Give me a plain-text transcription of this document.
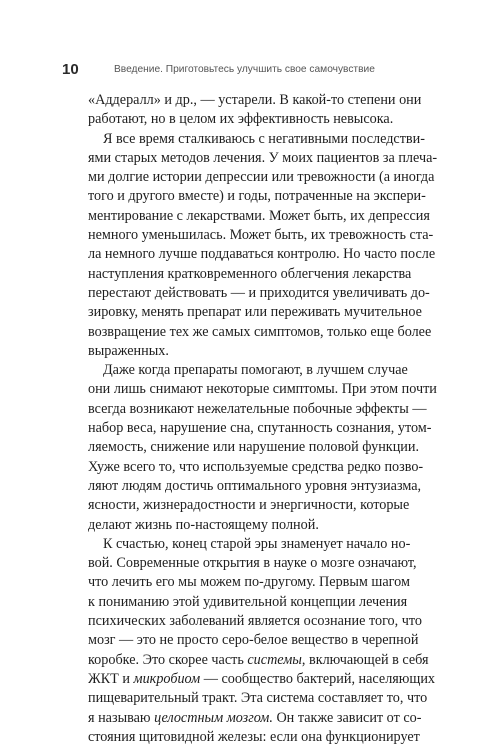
10	Введение. Приготовьтесь улучшить свое самочувствие
«Аддералл» и др., — устарели. В какой-то степени они
работают, но в целом их эффективность невысока.
Я все время сталкиваюсь с негативными последстви-
ями старых методов лечения. У моих пациентов за плеча-
ми долгие истории депрессии или тревожности (а иногда
того и другого вместе) и годы, потраченные на экспери-
ментирование с лекарствами. Может быть, их депрессия
немного уменьшилась. Может быть, их тревожность ста-
ла немного лучше поддаваться контролю. Но часто после
наступления кратковременного облегчения лекарства
перестают действовать — и приходится увеличивать до-
зировку, менять препарат или переживать мучительное
возвращение тех же самых симптомов, только еще более
выраженных.
Даже когда препараты помогают, в лучшем случае
они лишь снимают некоторые симптомы. При этом почти
всегда возникают нежелательные побочные эффекты —
набор веса, нарушение сна, спутанность сознания, утом-
ляемость, снижение или нарушение половой функции.
Хуже всего то, что используемые средства редко позво-
ляют людям достичь оптимального уровня энтузиазма,
ясности, жизнерадостности и энергичности, которые
делают жизнь по-настоящему полной.
К счастью, конец старой эры знаменует начало но-
вой. Современные открытия в науке о мозге означают,
что лечить его мы можем по-другому. Первым шагом
к пониманию этой удивительной концепции лечения
психических заболеваний является осознание того, что
мозг — это не просто серо-белое вещество в черепной
коробке. Это скорее часть системы, включающей в себя
ЖКТ и микробиом — сообщество бактерий, населяющих
пищеварительный тракт. Эта система составляет то, что
я называю целостным мозгом. Он также зависит от со-
стояния щитовидной железы: если она функционирует
